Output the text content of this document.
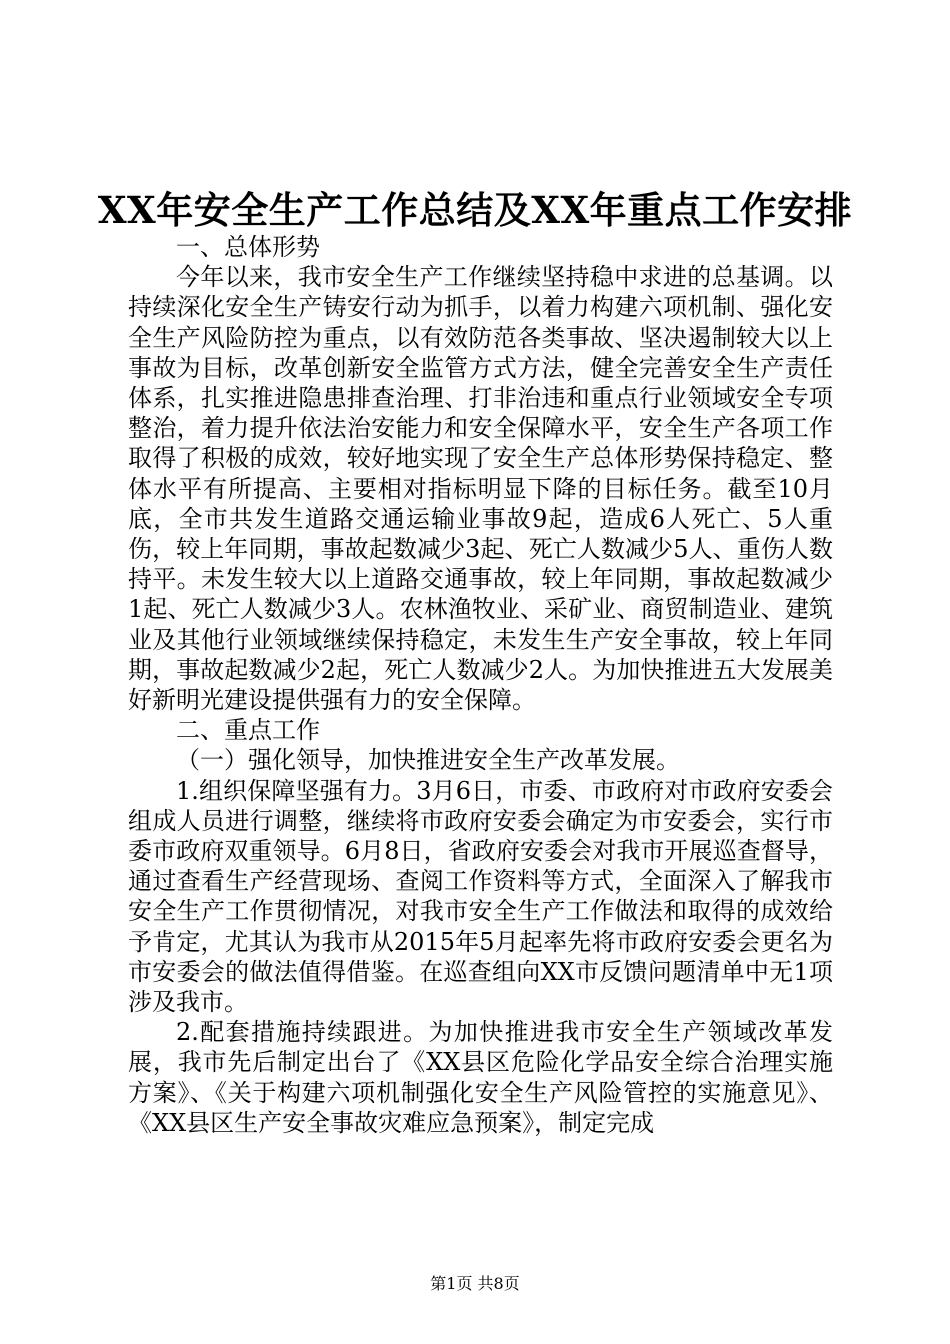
XX年安全生产工作总结及XX年重点工作安排

一、总体形势

今年以来，我市安全生产工作继续坚持稳中求进的总基调。以持续深化安全生产铸安行动为抓手，以着力构建六项机制、强化安全生产风险防控为重点，以有效防范各类事故、坚决遏制较大以上事故为目标，改革创新安全监管方式方法，健全完善安全生产责任体系，扎实推进隐患排查治理、打非治违和重点行业领域安全专项整治，着力提升依法治安能力和安全保障水平，安全生产各项工作取得了积极的成效，较好地实现了安全生产总体形势保持稳定、整体水平有所提高、主要相对指标明显下降的目标任务。截至10月底，全市共发生道路交通运输业事故9起，造成6人死亡、5人重伤，较上年同期，事故起数减少3起、死亡人数减少5人、重伤人数持平。未发生较大以上道路交通事故，较上年同期，事故起数减少1起、死亡人数减少3人。农林渔牧业、采矿业、商贸制造业、建筑业及其他行业领域继续保持稳定，未发生生产安全事故，较上年同期，事故起数减少2起，死亡人数减少2人。为加快推进五大发展美好新明光建设提供强有力的安全保障。

二、重点工作

（一）强化领导，加快推进安全生产改革发展。

1.组织保障坚强有力。3月6日，市委、市政府对市政府安委会组成人员进行调整，继续将市政府安委会确定为市安委会，实行市委市政府双重领导。6月8日，省政府安委会对我市开展巡查督导，通过查看生产经营现场、查阅工作资料等方式，全面深入了解我市安全生产工作贯彻情况，对我市安全生产工作做法和取得的成效给予肯定，尤其认为我市从2015年5月起率先将市政府安委会更名为市安委会的做法值得借鉴。在巡查组向XX市反馈问题清单中无1项涉及我市。

2.配套措施持续跟进。为加快推进我市安全生产领域改革发展，我市先后制定出台了《XX县区危险化学品安全综合治理实施方案》、《关于构建六项机制强化安全生产风险管控的实施意见》、《XX县区生产安全事故灾难应急预案》，制定完成

第1页 共8页
